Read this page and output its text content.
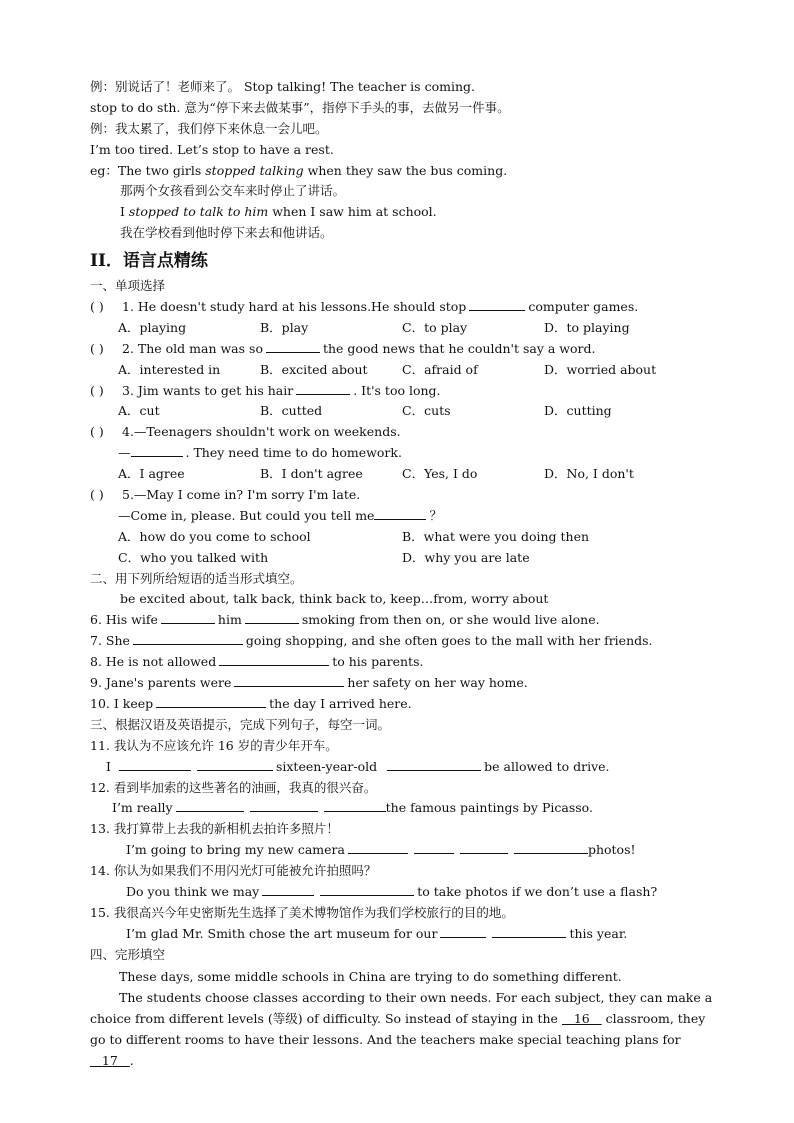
例：别说话了！老师来了。 Stop talking! The teacher is coming.
stop to do sth. 意为“停下来去做某事”，指停下手头的事，去做另一件事。
例：我太累了，我们停下来休息一会儿吧。
I’m too tired. Let’s stop to have a rest.
eg：The two girls stopped talking when they saw the bus coming.
那两个女孩看到公交车来时停止了讲话。
I stopped to talk to him when I saw him at school.
我在学校看到他时停下来去和他讲话。
II．语言点精练
一、单项选择
( ) 1. He doesn't study hard at his lessons.He should stop	computer games.
A．playing	B．play	C．to play	D．to playing
( ) 2. The old man was so	the good news that he couldn't say a word.
A．interested in	B．excited about	C．afraid of	D．worried about
( ) 3. Jim wants to get his hair	. It's too long.
A．cut	B．cutted	C．cuts	D．cutting
( ) 4.—Teenagers shouldn't work on weekends.
—	. They need time to do homework.
A．I agree	B．I don't agree	C．Yes, I do	D．No, I don't
( ) 5.—May I come in? I'm sorry I'm late.
—Come in, please. But could you tell me	？
A．how do you come to school	B．what were you doing then
C．who you talked with	D．why you are late
二、用下列所给短语的适当形式填空。
be excited about, talk back, think back to, keep…from, worry about
6. His wife	him	smoking from then on, or she would live alone.
7. She	going shopping, and she often goes to the mall with her friends.
8. He is not allowed	to his parents.
9. Jane's parents were	her safety on her way home.
10. I keep	the day I arrived here.
三、根据汉语及英语提示，完成下列句子，每空一词。
11. 我认为不应该允许 16 岁的青少年开车。
I	sixteen-year-old	be allowed to drive.
12. 看到毕加索的这些著名的油画，我真的很兴奋。
I’m really	the famous paintings by Picasso.
13. 我打算带上去我的新相机去拍许多照片！
I’m going to bring my new camera	photos!
14. 你认为如果我们不用闪光灯可能被允许拍照吗？
Do you think we may	to take photos if we don’t use a flash?
15. 我很高兴今年史密斯先生选择了美术博物馆作为我们学校旅行的目的地。
I’m glad Mr. Smith chose the art museum for our	this year.
四、完形填空
These days, some middle schools in China are trying to do something different.
The students choose classes according to their own needs. For each subject, they can make a choice from different levels (等级) of difficulty. So instead of staying in the    16    classroom, they go to different rooms to have their lessons. And the teachers make special teaching plans for    17 .
